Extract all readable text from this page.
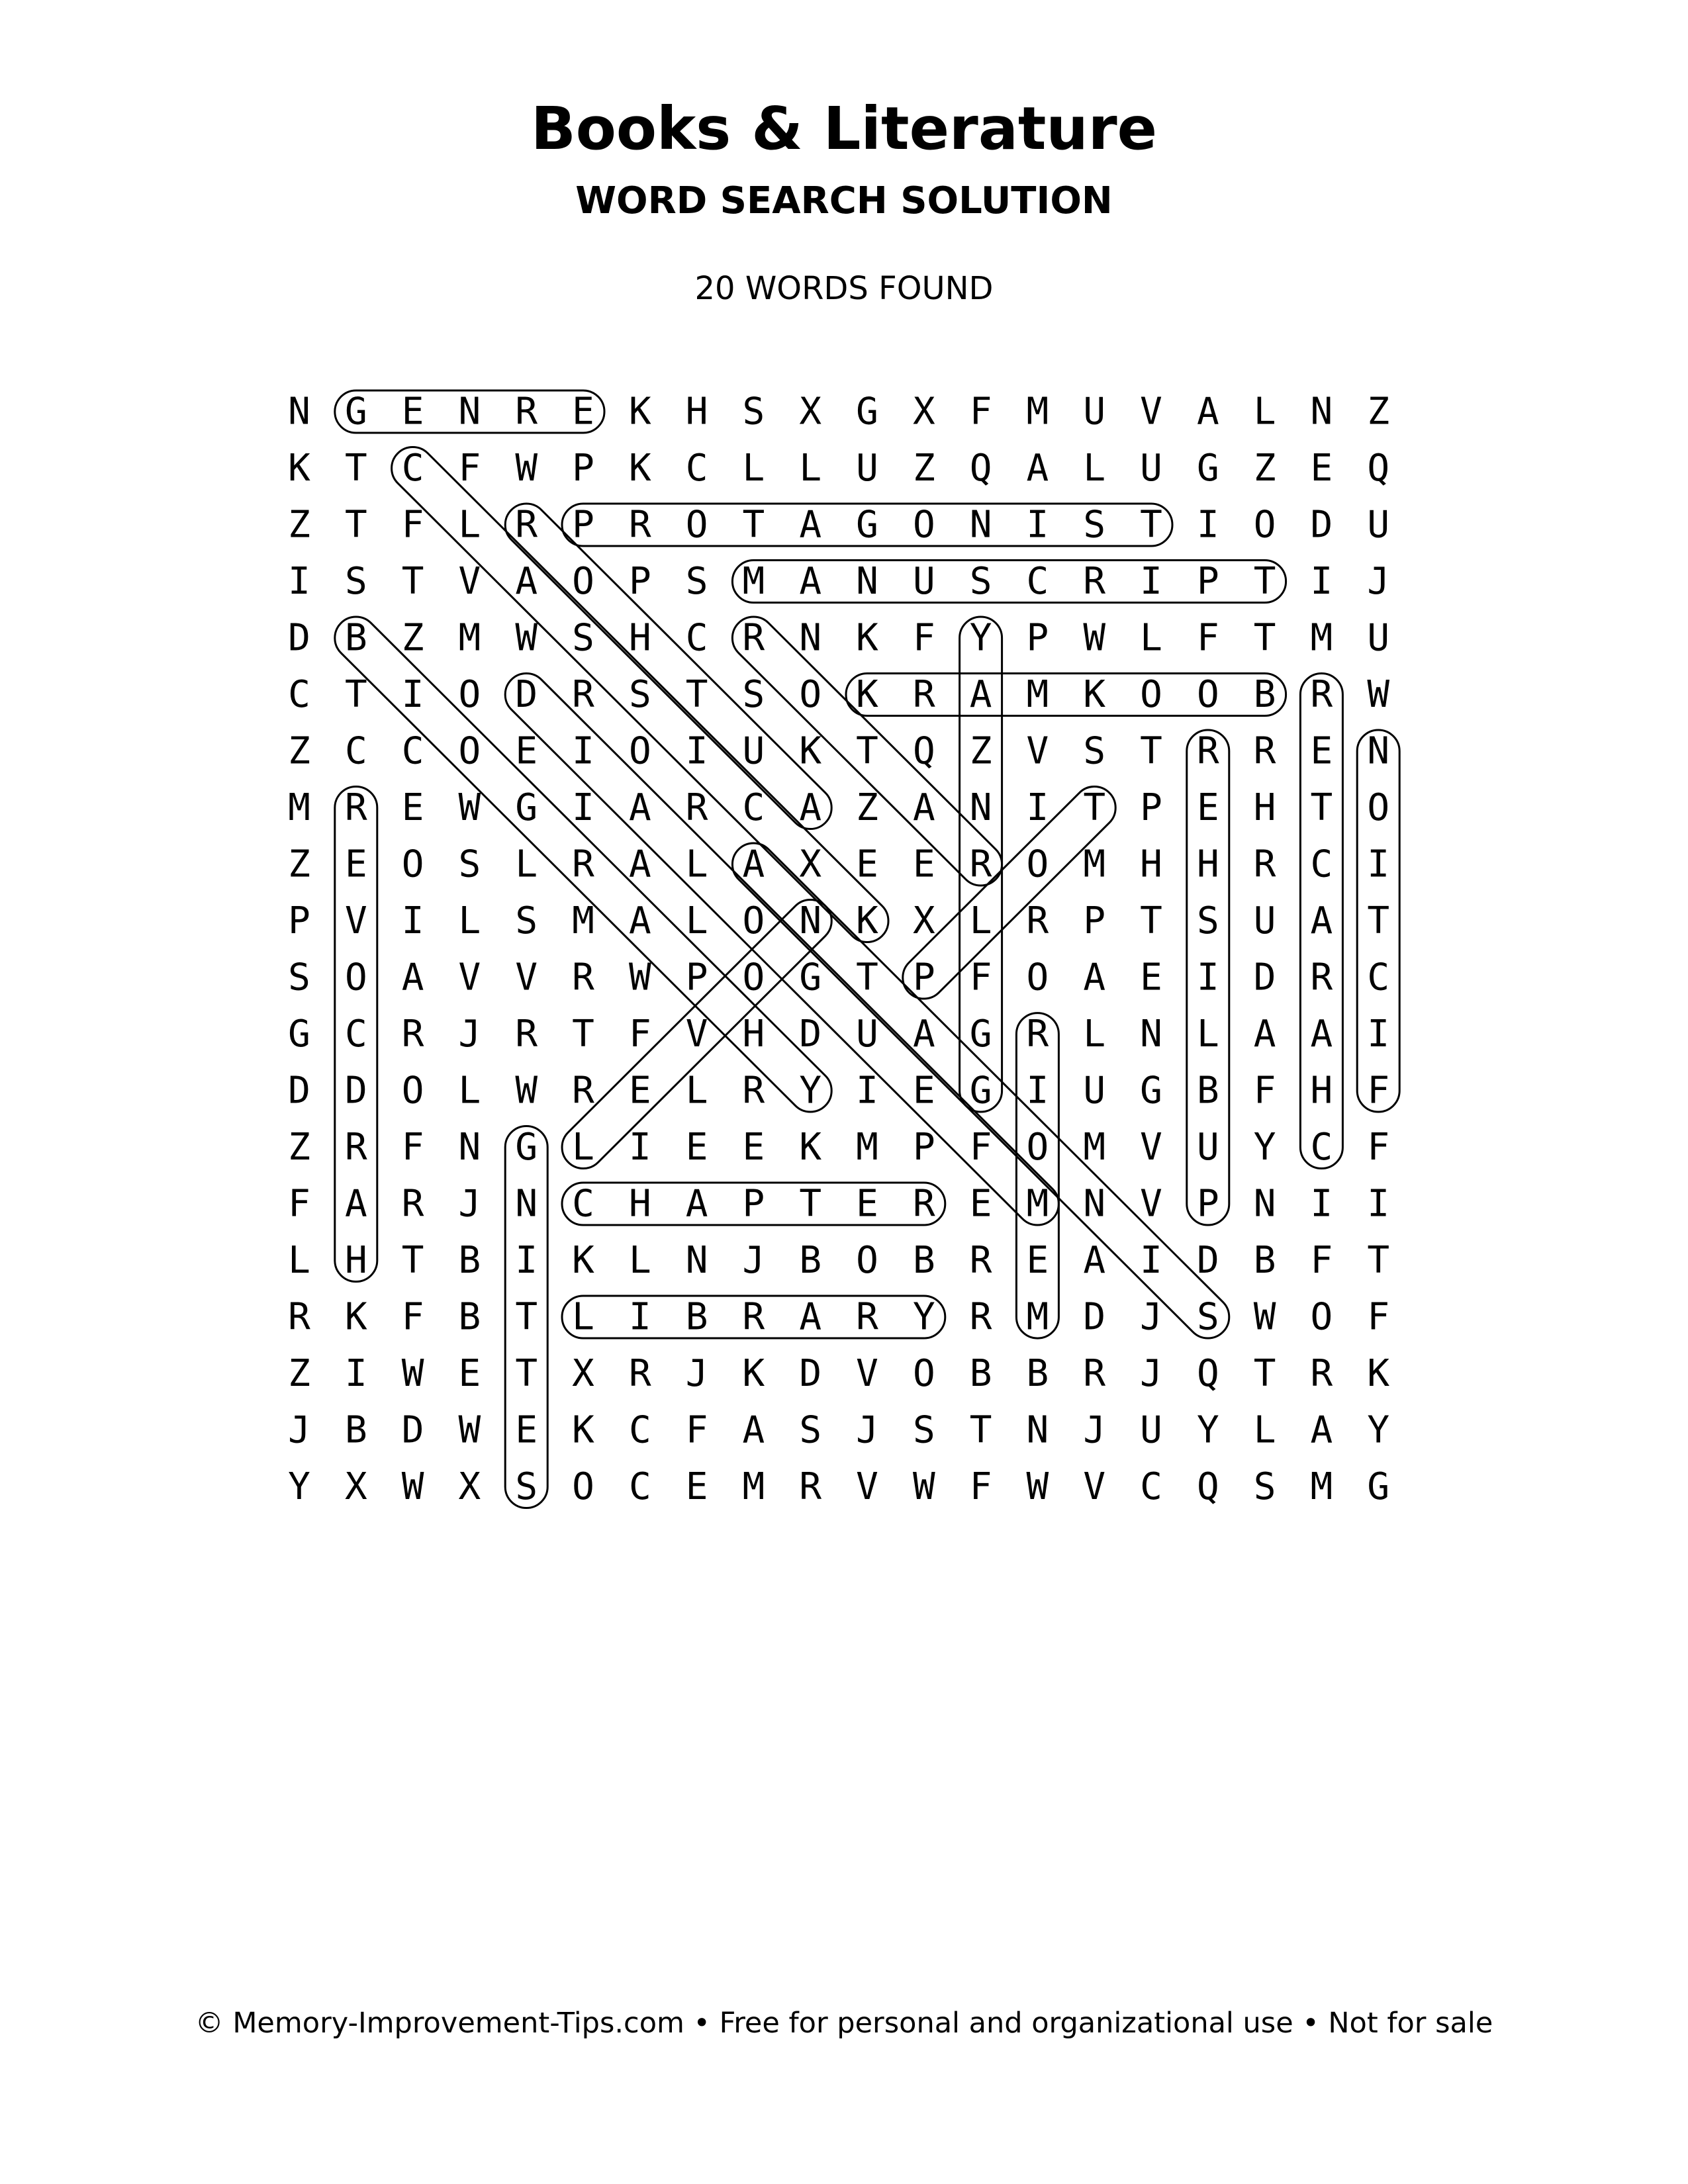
Books & Literature
WORD SEARCH SOLUTION
20 WORDS FOUND
N G E N R E K H S X G X F M U V A L N Z
K T C F W P K C L L U Z Q A L U G Z E Q
Z T F L R P R O T A G O N I S T I O D U
I S T V A O P S M A N U S C R I P T I J
D B Z M W S H C R N K F Y P W L F T M U
C T I O D R S T S O K R A M K O O B R W
Z C C O E I O I U K T Q Z V S T R R E N
M R E W G I A R C A Z A N I T P E H T O
Z E O S L R A L A X E E R O M H H R C I
P V I L S M A L O N K X L R P T S U A T
S O A V V R W P O G T P F O A E I D R C
G C R J R T F V H D U A G R L N L A A I
D D O L W R E L R Y I E G I U G B F H F
Z R F N G L I E E K M P F O M V U Y C F
F A R J N C H A P T E R E M N V P N I I
L H T B I K L N J B O B R E A I D B F T
R K F B T L I B R A R Y R M D J S W O F
Z I W E T X R J K D V O B B R J Q T R K
J B D W E K C F A S J S T N J U Y L A Y
Y X W X S O C E M R V W F W V C Q S M G
© Memory-Improvement-Tips.com • Free for personal and organizational use • Not for sale
